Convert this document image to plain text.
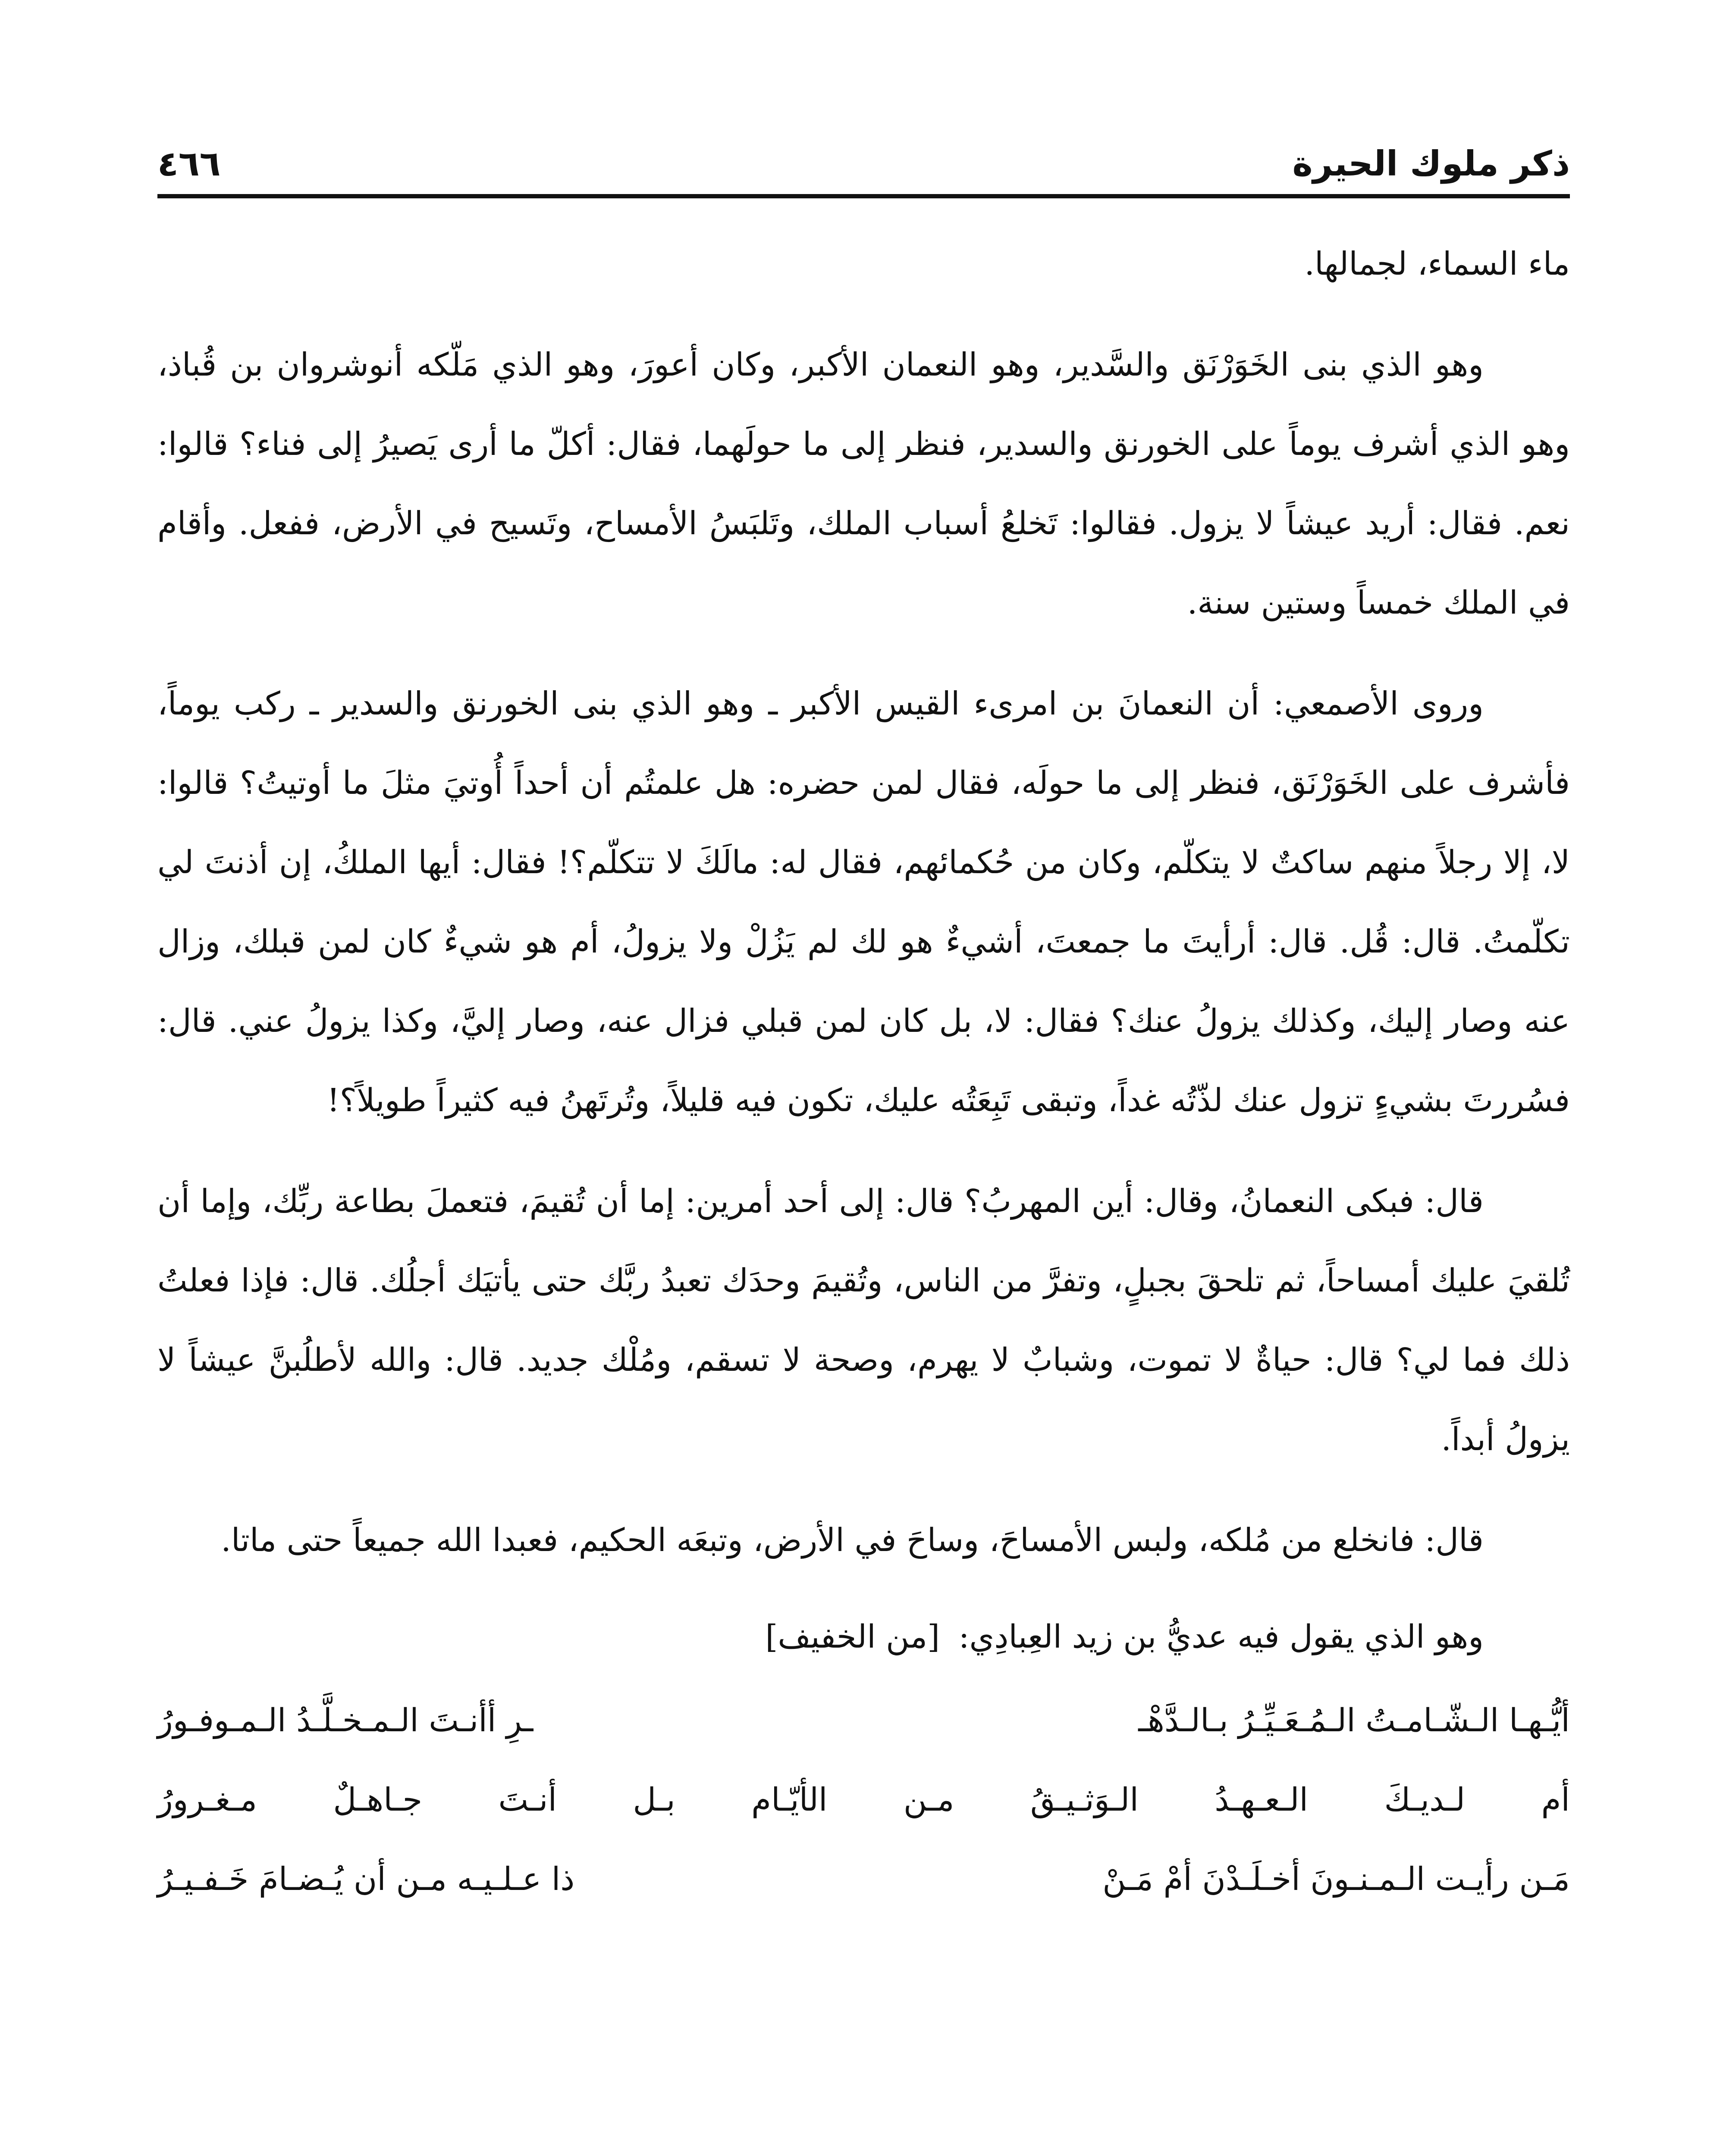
ذكر ملوك الحيرة
٤٦٦

ماء السماء، لجمالها.

وهو الذي بنى الخَوَرْنَق والسَّدير، وهو النعمان الأكبر، وكان أعورَ، وهو الذي مَلّكه أنوشروان بن قُباذ، وهو الذي أشرف يوماً على الخورنق والسدير، فنظر إلى ما حولَهما، فقال: أكلّ ما أرى يَصيرُ إلى فناء؟ قالوا: نعم. فقال: أريد عيشاً لا يزول. فقالوا: تَخلعُ أسباب الملك، وتَلبَسُ الأمساح، وتَسيح في الأرض، ففعل. وأقام في الملك خمساً وستين سنة.

وروى الأصمعي: أن النعمانَ بن امرىء القيس الأكبر ـ وهو الذي بنى الخورنق والسدير ـ ركب يوماً، فأشرف على الخَوَرْنَق، فنظر إلى ما حولَه، فقال لمن حضره: هل علمتُم أن أحداً أُوتيَ مثلَ ما أوتيتُ؟ قالوا: لا، إلا رجلاً منهم ساكتٌ لا يتكلّم، وكان من حُكمائهم، فقال له: مالَكَ لا تتكلّم؟! فقال: أيها الملكُ، إن أذنتَ لي تكلّمتُ. قال: قُل. قال: أرأيتَ ما جمعتَ، أشيءٌ هو لك لم يَزُلْ ولا يزولُ، أم هو شيءٌ كان لمن قبلك، وزال عنه وصار إليك، وكذلك يزولُ عنك؟ فقال: لا، بل كان لمن قبلي فزال عنه، وصار إليَّ، وكذا يزولُ عني. قال: فسُررتَ بشيءٍ تزول عنك لذّتُه غداً، وتبقى تَبِعَتُه عليك، تكون فيه قليلاً، وتُرتَهنُ فيه كثيراً طويلاً؟!

قال: فبكى النعمانُ، وقال: أين المهربُ؟ قال: إلى أحد أمرين: إما أن تُقيمَ، فتعملَ بطاعة ربِّك، وإما أن تُلقيَ عليك أمساحاً، ثم تلحقَ بجبلٍ، وتفرَّ من الناس، وتُقيمَ وحدَك تعبدُ ربَّك حتى يأتيَك أجلُك. قال: فإذا فعلتُ ذلك فما لي؟ قال: حياةٌ لا تموت، وشبابٌ لا يهرم، وصحة لا تسقم، ومُلْك جديد. قال: والله لأطلُبنَّ عيشاً لا يزولُ أبداً.

قال: فانخلع من مُلكه، ولبس الأمساحَ، وساحَ في الأرض، وتبعَه الحكيم، فعبدا الله جميعاً حتى ماتا.

وهو الذي يقول فيه عديُّ بن زيد العِبادِي: [من الخفيف]

أيُّـهـا الـشّـامـتُ الـمُـعَـيِّـرُ بـالـدَّهْـ
ـرِ أأنـتَ الـمـخـلَّـدُ الـمـوفـورُ
أم لـديـكَ الـعـهـدُ الـوَثـيـقُ مـن الأيّـام بـل أنـتَ جـاهـلٌ مـغـرورُ
مَـن رأيـت الـمـنـونَ أخـلَـدْنَ أمْ مَـنْ
ذا عـلـيـه مـن أن يُـضـامَ خَـفـيـرُ
